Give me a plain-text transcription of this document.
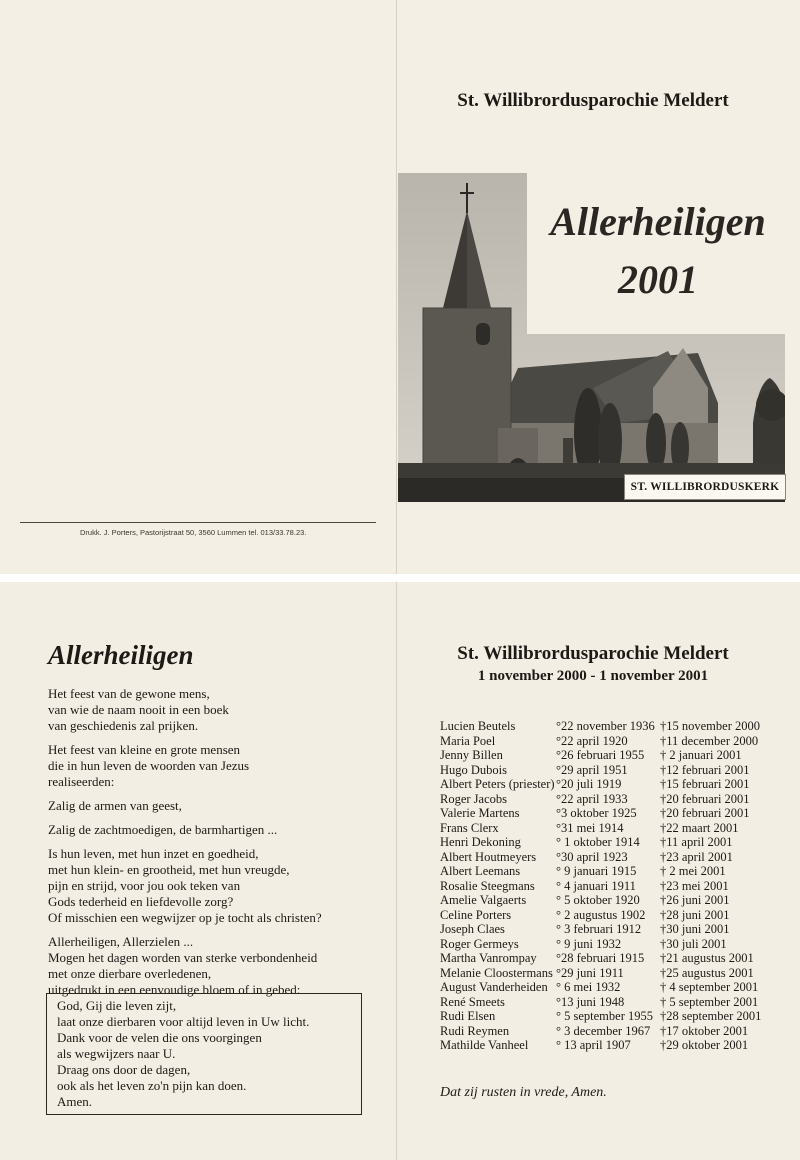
Drukk. J. Porters, Pastorijstraat 50, 3560 Lummen tel. 013/33.78.23.
St. Willibrordusparochie Meldert
Allerheiligen
2001
ST. WILLIBRORDUSKERK
Allerheiligen

Het feest van de gewone mens,
van wie de naam nooit in een boek
van geschiedenis zal prijken.

Het feest van kleine en grote mensen
die in hun leven de woorden van Jezus
realiseerden:

Zalig de armen van geest,

Zalig de zachtmoedigen, de barmhartigen ...

Is hun leven, met hun inzet en goedheid,
met hun klein- en grootheid, met hun vreugde,
pijn en strijd, voor jou ook teken van
Gods tederheid en liefdevolle zorg?
Of misschien een wegwijzer op je tocht als christen?

Allerheiligen, Allerzielen ...
Mogen het dagen worden van sterke verbondenheid
met onze dierbare overledenen,
uitgedrukt in een eenvoudige bloem of in gebed:

God, Gij die leven zijt,
laat onze dierbaren voor altijd leven in Uw licht.
Dank voor de velen die ons voorgingen
als wegwijzers naar U.
Draag ons door de dagen,
ook als het leven zo'n pijn kan doen.
Amen.
St. Willibrordusparochie Meldert
1 november 2000 - 1 november 2001
Lucien Beutels	°22 november 1936 †15 november 2000
Maria Poel	°22 april 1920	†11 december 2000
Jenny Billen	°26 februari 1955	† 2 januari 2001
Hugo Dubois	°29 april 1951	†12 februari 2001
Albert Peters (priester) °20 juli 1919	†15 februari 2001
Roger Jacobs	°22 april 1933	†20 februari 2001
Valerie Martens	°3 oktober 1925	†20 februari 2001
Frans Clerx	°31 mei 1914	†22 maart 2001
Henri Dekoning	° 1 oktober 1914	†11 april 2001
Albert Houtmeyers	°30 april 1923	†23 april 2001
Albert Leemans	° 9 januari 1915	† 2 mei 2001
Rosalie Steegmans	° 4 januari 1911	†23 mei 2001
Amelie Valgaerts	° 5 oktober 1920	†26 juni 2001
Celine Porters	° 2 augustus 1902	†28 juni 2001
Joseph Claes	° 3 februari 1912	†30 juni 2001
Roger Germeys	° 9 juni 1932	†30 juli 2001
Martha Vanrompay	°28 februari 1915	†21 augustus 2001
Melanie Cloostermans °29 juni 1911	†25 augustus 2001
August Vanderheiden ° 6 mei 1932	† 4 september 2001
René Smeets	°13 juni 1948	† 5 september 2001
Rudi Elsen	° 5 september 1955 †28 september 2001
Rudi Reymen	° 3 december 1967 †17 oktober 2001
Mathilde Vanheel	° 13 april 1907	†29 oktober 2001
Dat zij rusten in vrede, Amen.
